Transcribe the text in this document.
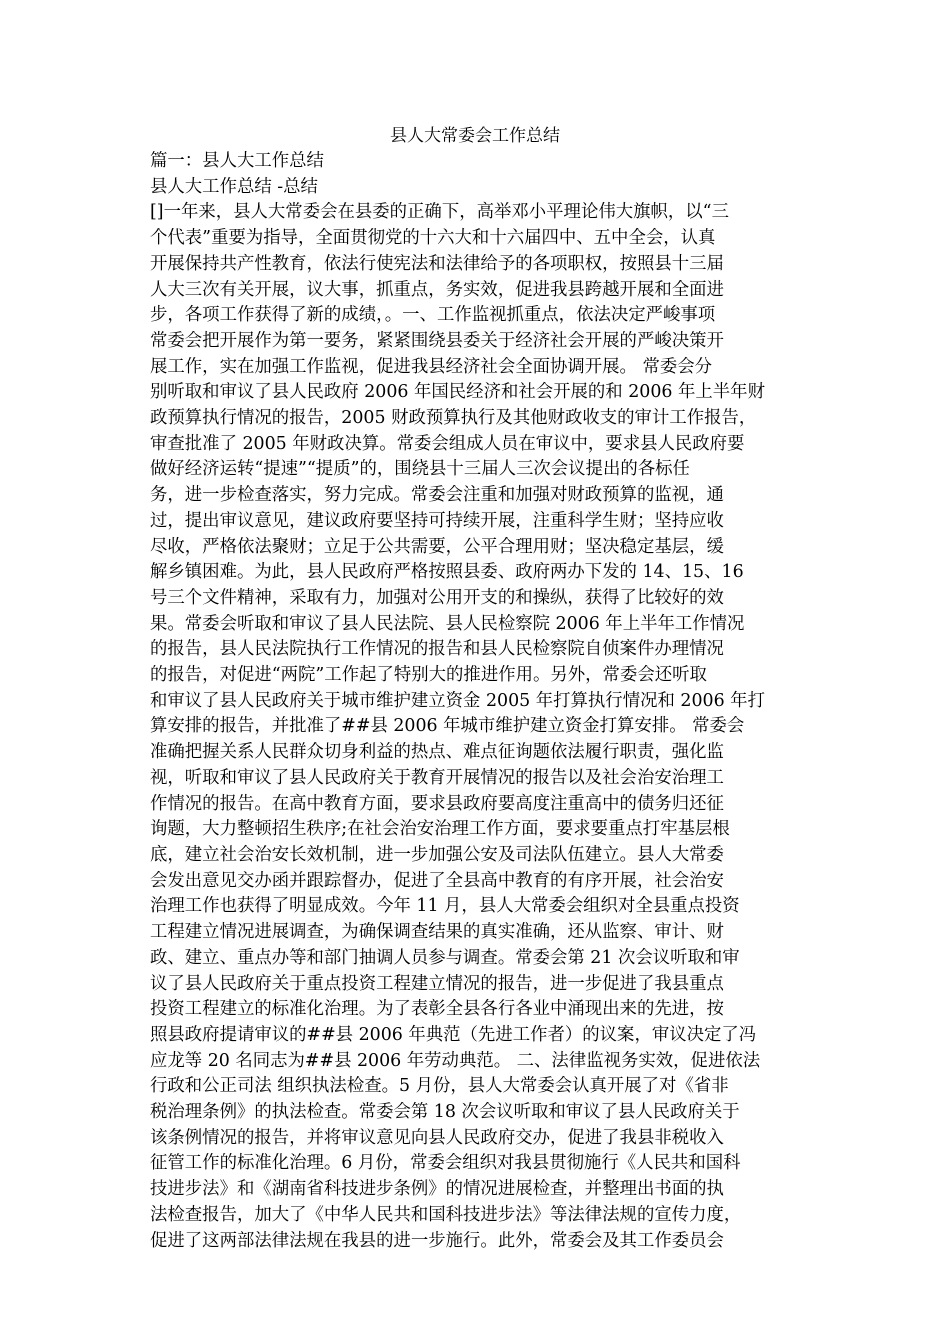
县人大常委会工作总结

篇一：县人大工作总结

县人大工作总结 -总结

[]一年来，县人大常委会在县委的正确下，高举邓小平理论伟大旗帜，以“三

个代表”重要为指导，全面贯彻党的十六大和十六届四中、五中全会，认真

开展保持共产性教育，依法行使宪法和法律给予的各项职权，按照县十三届

人大三次有关开展，议大事，抓重点，务实效，促进我县跨越开展和全面进

步，各项工作获得了新的成绩，。一、工作监视抓重点，依法决定严峻事项

常委会把开展作为第一要务，紧紧围绕县委关于经济社会开展的严峻决策开

展工作，实在加强工作监视，促进我县经济社会全面协调开展。 常委会分

别听取和审议了县人民政府 2006 年国民经济和社会开展的和 2006 年上半年财

政预算执行情况的报告，2005 财政预算执行及其他财政收支的审计工作报告，

审查批准了 2005 年财政决算。常委会组成人员在审议中，要求县人民政府要

做好经济运转“提速”“提质”的，围绕县十三届人三次会议提出的各标任

务，进一步检查落实，努力完成。常委会注重和加强对财政预算的监视，通

过，提出审议意见，建议政府要坚持可持续开展，注重科学生财；坚持应收

尽收，严格依法聚财；立足于公共需要，公平合理用财；坚决稳定基层，缓

解乡镇困难。为此，县人民政府严格按照县委、政府两办下发的 14、15、16

号三个文件精神，采取有力，加强对公用开支的和操纵，获得了比较好的效

果。常委会听取和审议了县人民法院、县人民检察院 2006 年上半年工作情况

的报告，县人民法院执行工作情况的报告和县人民检察院自侦案件办理情况

的报告，对促进“两院”工作起了特别大的推进作用。另外，常委会还听取

和审议了县人民政府关于城市维护建立资金 2005 年打算执行情况和 2006 年打

算安排的报告，并批准了##县 2006 年城市维护建立资金打算安排。 常委会

准确把握关系人民群众切身利益的热点、难点征询题依法履行职责，强化监

视，听取和审议了县人民政府关于教育开展情况的报告以及社会治安治理工

作情况的报告。在高中教育方面，要求县政府要高度注重高中的债务归还征

询题，大力整顿招生秩序;在社会治安治理工作方面，要求要重点打牢基层根

底，建立社会治安长效机制，进一步加强公安及司法队伍建立。县人大常委

会发出意见交办函并跟踪督办，促进了全县高中教育的有序开展，社会治安

治理工作也获得了明显成效。今年 11 月，县人大常委会组织对全县重点投资

工程建立情况进展调查，为确保调查结果的真实准确，还从监察、审计、财

政、建立、重点办等和部门抽调人员参与调查。常委会第 21 次会议听取和审

议了县人民政府关于重点投资工程建立情况的报告，进一步促进了我县重点

投资工程建立的标准化治理。为了表彰全县各行各业中涌现出来的先进，按

照县政府提请审议的##县 2006 年典范（先进工作者）的议案，审议决定了冯

应龙等 20 名同志为##县 2006 年劳动典范。 二、法律监视务实效，促进依法

行政和公正司法 组织执法检查。5 月份，县人大常委会认真开展了对《省非

税治理条例》的执法检查。常委会第 18 次会议听取和审议了县人民政府关于

该条例情况的报告，并将审议意见向县人民政府交办，促进了我县非税收入

征管工作的标准化治理。6 月份，常委会组织对我县贯彻施行《人民共和国科

技进步法》和《湖南省科技进步条例》的情况进展检查，并整理出书面的执

法检查报告，加大了《中华人民共和国科技进步法》等法律法规的宣传力度，

促进了这两部法律法规在我县的进一步施行。此外，常委会及其工作委员会
